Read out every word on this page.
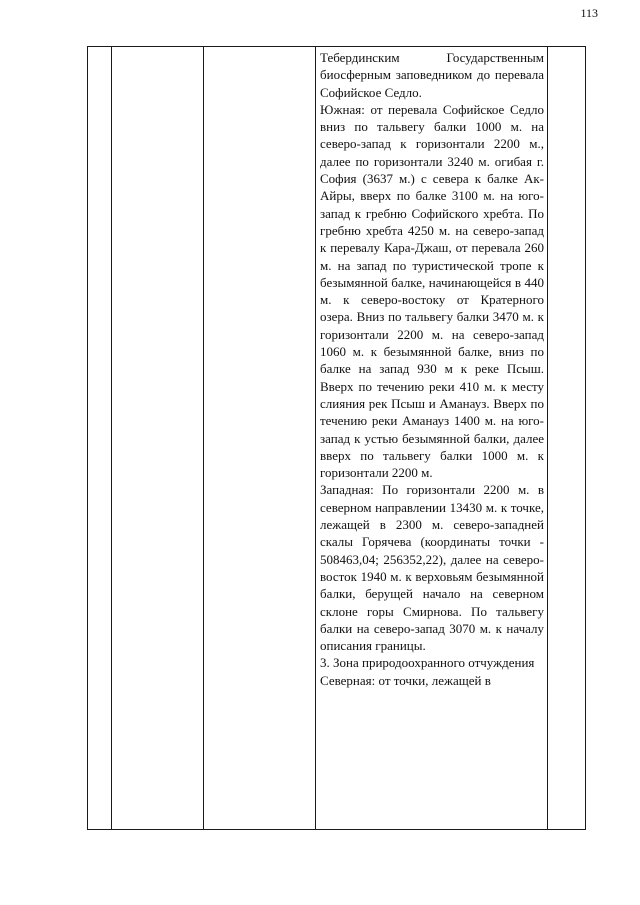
113

Тебердинским Государственным биосферным заповедником до перевала Софийское Седло.
Южная: от перевала Софийское Седло вниз по тальвегу балки 1000 м. на северо-запад к горизонтали 2200 м., далее по горизонтали 3240 м. огибая г. София (3637 м.) с севера к балке Ак-Айры, вверх по балке 3100 м. на юго-запад к гребню Софийского хребта. По гребню хребта 4250 м. на северо-запад к перевалу Кара-Джаш, от перевала 260 м. на запад по туристической тропе к безымянной балке, начинающейся в 440 м. к северо-востоку от Кратерного озера. Вниз по тальвегу балки 3470 м. к горизонтали 2200 м. на северо-запад 1060 м. к безымянной балке, вниз по балке на запад 930 м к реке Псыш. Вверх по течению реки 410 м. к месту слияния рек Псыш и Аманауз. Вверх по течению реки Аманауз 1400 м. на юго-запад к устью безымянной балки, далее вверх по тальвегу балки 1000 м. к горизонтали 2200 м.
Западная: По горизонтали 2200 м. в северном направлении 13430 м. к точке, лежащей в 2300 м. северо-западней скалы Горячева (координаты точки - 508463,04; 256352,22), далее на северо-восток 1940 м. к верховьям безымянной балки, берущей начало на северном склоне горы Смирнова. По тальвегу балки на северо-запад 3070 м. к началу описания границы.
3. Зона природоохранного отчуждения
Северная: от точки, лежащей в
